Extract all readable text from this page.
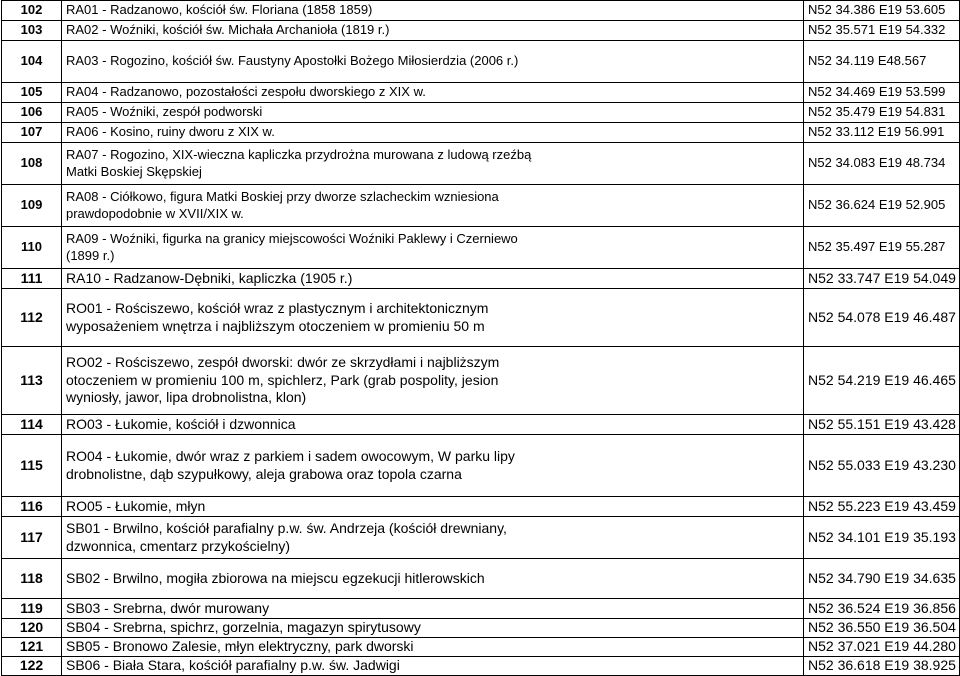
102	RA01 - Radzanowo, kościół św. Floriana (1858 1859)	N52 34.386 E19 53.605
103	RA02 - Woźniki, kościół św. Michała Archanioła (1819 r.)	N52 35.571 E19 54.332
104	RA03 - Rogozino, kościół św. Faustyny Apostołki Bożego Miłosierdzia (2006 r.)	N52 34.119 E48.567
105	RA04 - Radzanowo, pozostałości zespołu dworskiego z XIX w.	N52 34.469 E19 53.599
106	RA05 - Woźniki, zespół podworski	N52 35.479 E19 54.831
107	RA06 - Kosino, ruiny dworu z XIX w.	N52 33.112 E19 56.991
108	RA07 - Rogozino, XIX-wieczna kapliczka przydrożna murowana z ludową rzeźbą Matki Boskiej Skępskiej	N52 34.083 E19 48.734
109	RA08 - Ciółkowo, figura Matki Boskiej przy dworze szlacheckim wzniesiona prawdopodobnie w XVII/XIX w.	N52 36.624 E19 52.905
110	RA09 - Woźniki, figurka na granicy miejscowości Woźniki Paklewy i Czerniewo (1899 r.)	N52 35.497 E19 55.287
111	RA10 - Radzanow-Dębniki, kapliczka (1905 r.)	N52 33.747 E19 54.049
112	RO01 - Rościszewo, kościół wraz z plastycznym i architektonicznym wyposażeniem wnętrza i najbliższym otoczeniem w promieniu 50 m	N52 54.078 E19 46.487
113	RO02 - Rościszewo, zespół dworski: dwór ze skrzydłami i najbliższym otoczeniem w promieniu 100 m, spichlerz, Park (grab pospolity, jesion wyniosły, jawor, lipa drobnolistna, klon)	N52 54.219 E19 46.465
114	RO03 - Łukomie, kościół i dzwonnica	N52 55.151 E19 43.428
115	RO04 - Łukomie, dwór wraz z parkiem i sadem owocowym, W parku lipy drobnolistne, dąb szypułkowy, aleja grabowa oraz topola czarna	N52 55.033 E19 43.230
116	RO05 - Łukomie, młyn	N52 55.223 E19 43.459
117	SB01 - Brwilno, kościół parafialny p.w. św. Andrzeja (kościół drewniany, dzwonnica, cmentarz przykościelny)	N52 34.101 E19 35.193
118	SB02 - Brwilno, mogiła zbiorowa na miejscu egzekucji hitlerowskich	N52 34.790 E19 34.635
119	SB03 - Srebrna, dwór murowany	N52 36.524 E19 36.856
120	SB04 - Srebrna, spichrz, gorzelnia, magazyn spirytusowy	N52 36.550 E19 36.504
121	SB05 - Bronowo Zalesie, młyn elektryczny, park dworski	N52 37.021 E19 44.280
122	SB06 - Biała Stara, kościół parafialny p.w. św. Jadwigi	N52 36.618 E19 38.925
